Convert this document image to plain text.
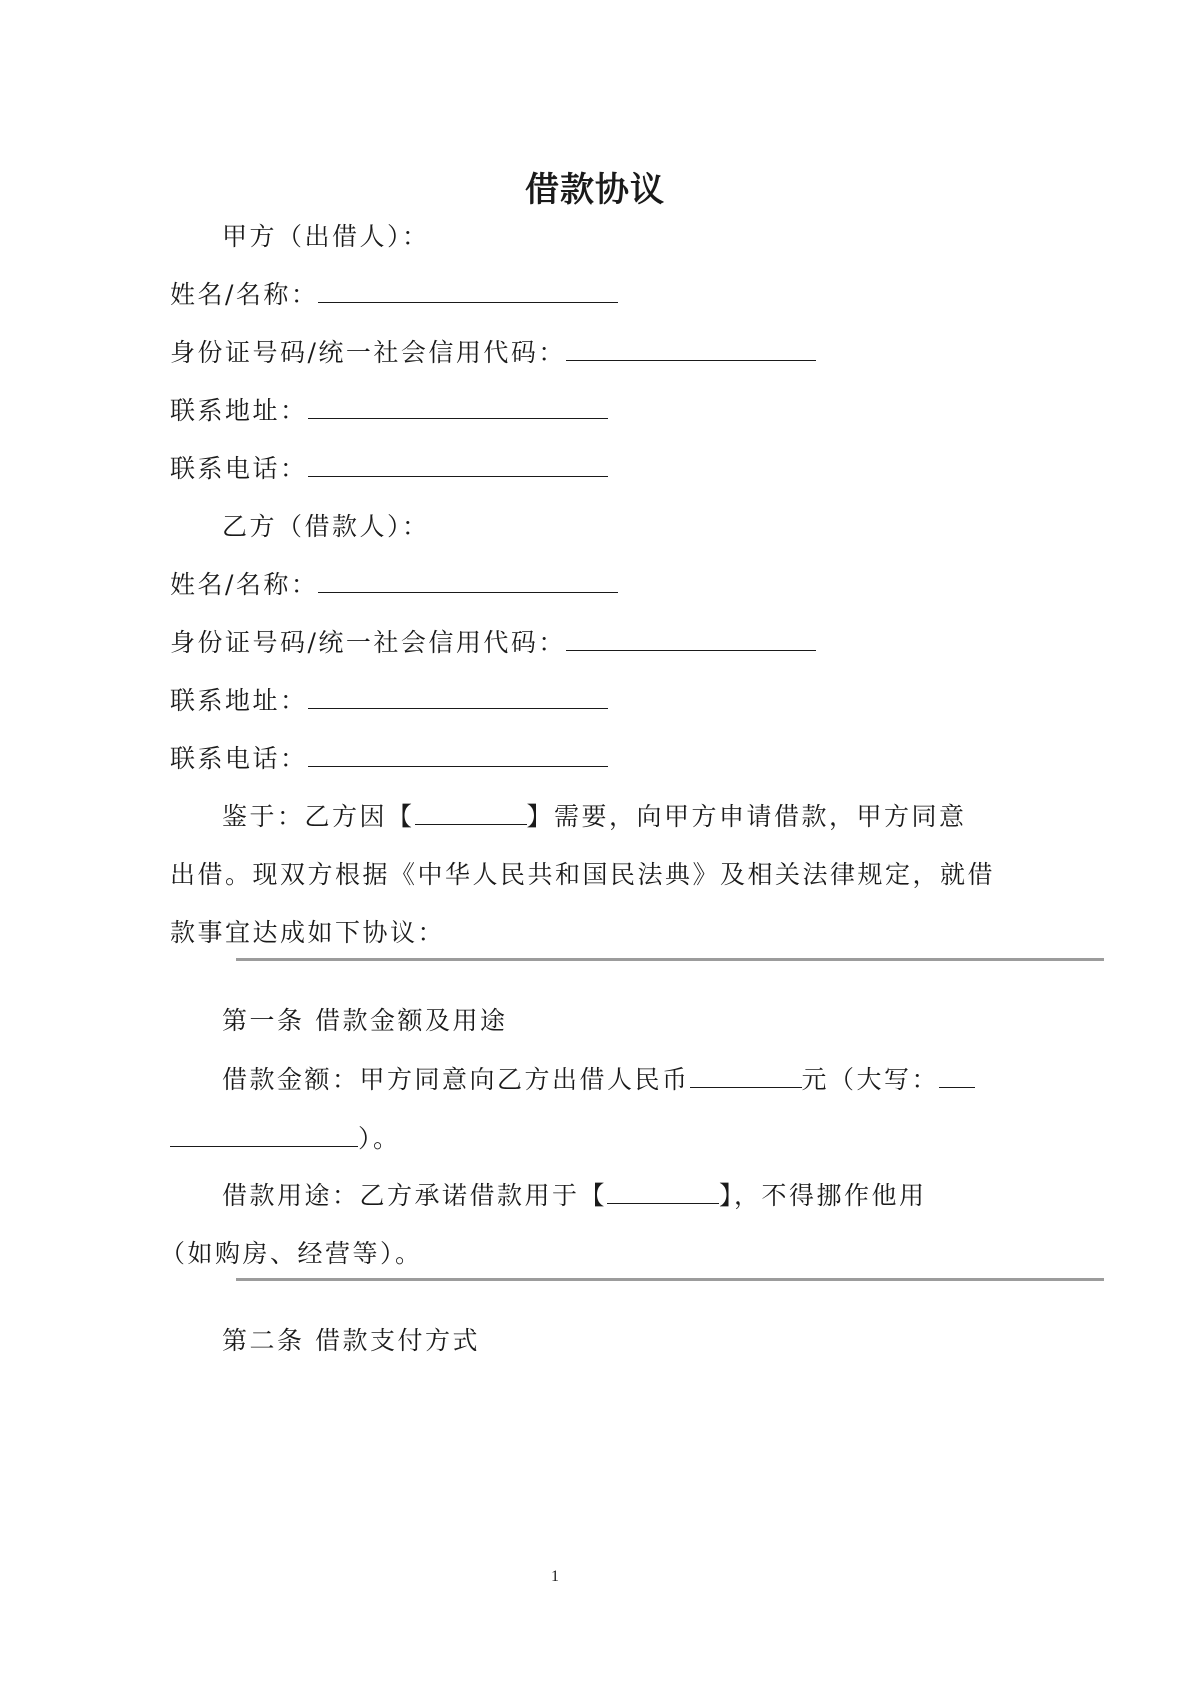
借款协议
甲方（出借人）：
姓名/名称：
身份证号码/统一社会信用代码：
联系地址：
联系电话：
乙方（借款人）：
姓名/名称：
身份证号码/统一社会信用代码：
联系地址：
联系电话：
鉴于：乙方因【	】需要，向甲方申请借款，甲方同意
出借。现双方根据《中华人民共和国民法典》及相关法律规定，就借
款事宜达成如下协议：
第一条 借款金额及用途
借款金额：甲方同意向乙方出借人民币	元（大写：
）。
借款用途：乙方承诺借款用于【	】，不得挪作他用
（如购房、经营等）。
第二条 借款支付方式
1
